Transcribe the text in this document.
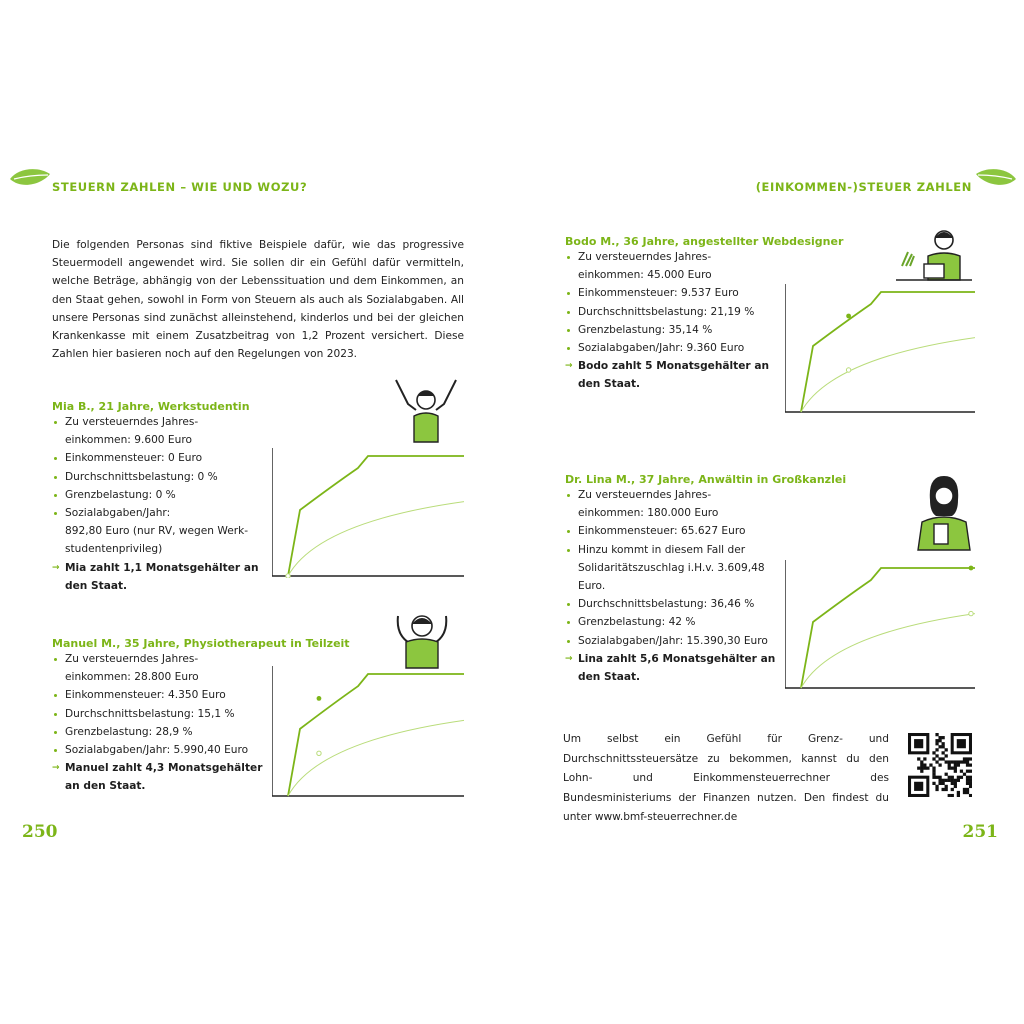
STEUERN ZAHLEN – WIE UND WOZU?	(EINKOMMEN-)STEUER ZAHLEN
Die folgenden Personas sind fiktive Beispiele dafür, wie das progressive Steuermodell angewendet wird. Sie sollen dir ein Gefühl dafür vermitteln, welche Beträge, abhängig von der Lebenssituation und dem Einkommen, an den Staat gehen, sowohl in Form von Steuern als auch als Sozialabgaben. All unsere Personas sind zunächst alleinstehend, kinderlos und bei der gleichen Krankenkasse mit einem Zusatzbeitrag von 1,2 Prozent versichert. Diese Zahlen hier basieren noch auf den Regelungen von 2023.
Mia B., 21 Jahre, Werkstudentin
Zu versteuerndes Jahres-
einkommen: 9.600 Euro
Einkommensteuer: 0 Euro
Durchschnittsbelastung: 0 %
Grenzbelastung: 0 %
Sozialabgaben/Jahr:
892,80 Euro (nur RV, wegen Werk-
studentenprivileg)
→ Mia zahlt 1,1 Monatsgehälter an
den Staat.
Manuel M., 35 Jahre, Physiotherapeut in Teilzeit
Zu versteuerndes Jahres-
einkommen: 28.800 Euro
Einkommensteuer: 4.350 Euro
Durchschnittsbelastung: 15,1 %
Grenzbelastung: 28,9 %
Sozialabgaben/Jahr: 5.990,40 Euro
→ Manuel zahlt 4,3 Monatsgehälter
an den Staat.
Bodo M., 36 Jahre, angestellter Webdesigner
Zu versteuerndes Jahres-
einkommen: 45.000 Euro
Einkommensteuer: 9.537 Euro
Durchschnittsbelastung: 21,19 %
Grenzbelastung: 35,14 %
Sozialabgaben/Jahr: 9.360 Euro
→ Bodo zahlt 5 Monatsgehälter an
den Staat.
Dr. Lina M., 37 Jahre, Anwältin in Großkanzlei
Zu versteuerndes Jahres-
einkommen: 180.000 Euro
Einkommensteuer: 65.627 Euro
Hinzu kommt in diesem Fall der
Solidaritätszuschlag i.H.v. 3.609,48
Euro.
Durchschnittsbelastung: 36,46 %
Grenzbelastung: 42 %
Sozialabgaben/Jahr: 15.390,30 Euro
→ Lina zahlt 5,6 Monatsgehälter an
den Staat.
Um selbst ein Gefühl für Grenz- und Durchschnittssteuersätze zu bekommen, kannst du den Lohn- und Einkommensteuerrechner des Bundesministeriums der Finanzen nutzen. Den findest du unter www.bmf-steuerrechner.de
250	251
